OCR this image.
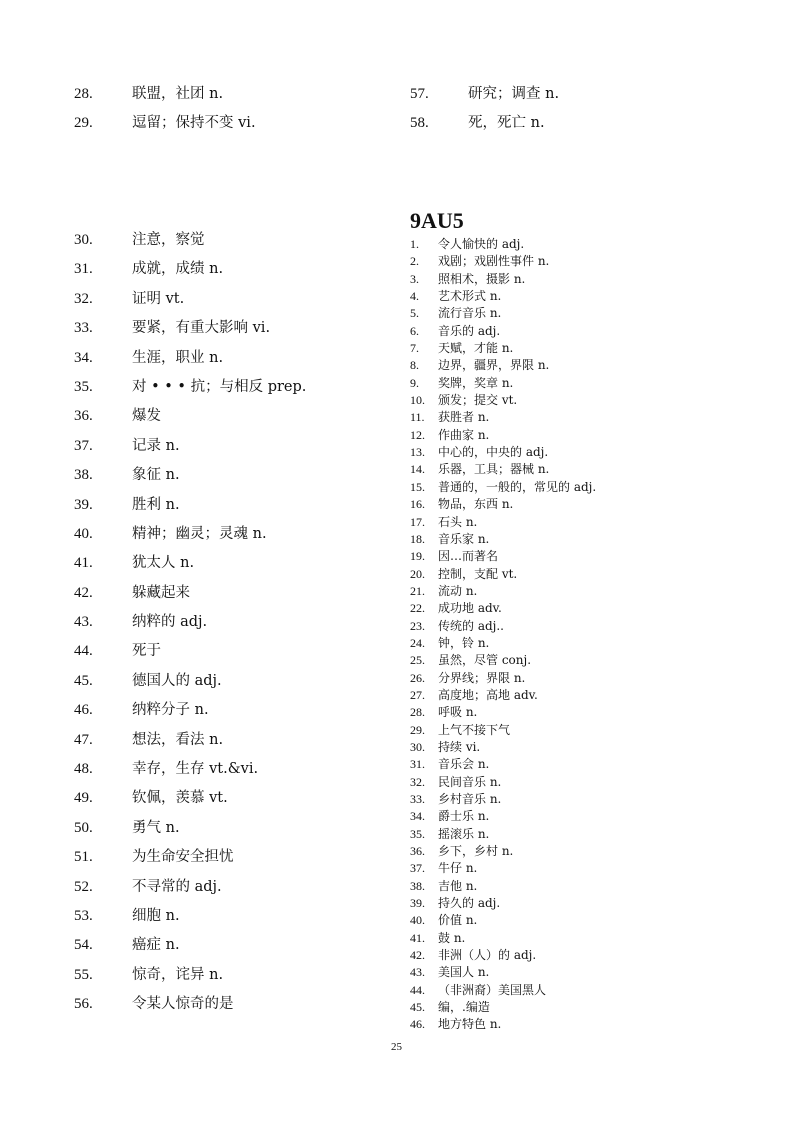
28.	联盟，社团 n.
29.	逗留；保持不变 vi.
57.	研究；调查 n.
58.	死，死亡 n.
30.	注意，察觉
31.	成就，成绩 n.
32.	证明 vt.
33.	要紧，有重大影响 vi.
34.	生涯，职业 n.
35.	对 • • • 抗；与相反 prep.
36.	爆发
37.	记录 n.
38.	象征 n.
39.	胜利 n.
40.	精神；幽灵；灵魂 n.
41.	犹太人 n.
42.	躲藏起来
43.	纳粹的 adj.
44.	死于
45.	德国人的 adj.
46.	纳粹分子 n.
47.	想法，看法 n.
48.	幸存，生存 vt.&vi.
49.	钦佩，羡慕 vt.
50.	勇气 n.
51.	为生命安全担忧
52.	不寻常的 adj.
53.	细胞 n.
54.	癌症 n.
55.	惊奇，诧异 n.
56.	令某人惊奇的是
9AU5
1. 令人愉快的 adj.
2. 戏剧；戏剧性事件 n.
3. 照相术，摄影 n.
4. 艺术形式 n.
5. 流行音乐 n.
6. 音乐的 adj.
7. 天赋，才能 n.
8. 边界，疆界，界限 n.
9. 奖牌，奖章 n.
10. 颁发；提交 vt.
11. 获胜者 n.
12. 作曲家 n.
13. 中心的，中央的 adj.
14. 乐器，工具；器械 n.
15. 普通的，一般的，常见的 adj.
16. 物品，东西 n.
17. 石头 n.
18. 音乐家 n.
19. 因…而著名
20. 控制，支配 vt.
21. 流动 n.
22. 成功地 adv.
23. 传统的 adj..
24. 钟，铃 n.
25. 虽然，尽管 conj.
26. 分界线；界限 n.
27. 高度地；高地 adv.
28. 呼吸 n.
29. 上气不接下气
30. 持续 vi.
31. 音乐会 n.
32. 民间音乐 n.
33. 乡村音乐 n.
34. 爵士乐 n.
35. 摇滚乐 n.
36. 乡下，乡村 n.
37. 牛仔 n.
38. 吉他 n.
39. 持久的 adj.
40. 价值 n.
41. 鼓 n.
42. 非洲（人）的 adj.
43. 美国人 n.
44. （非洲裔）美国黑人
45. 编，.编造
46. 地方特色 n.
25
